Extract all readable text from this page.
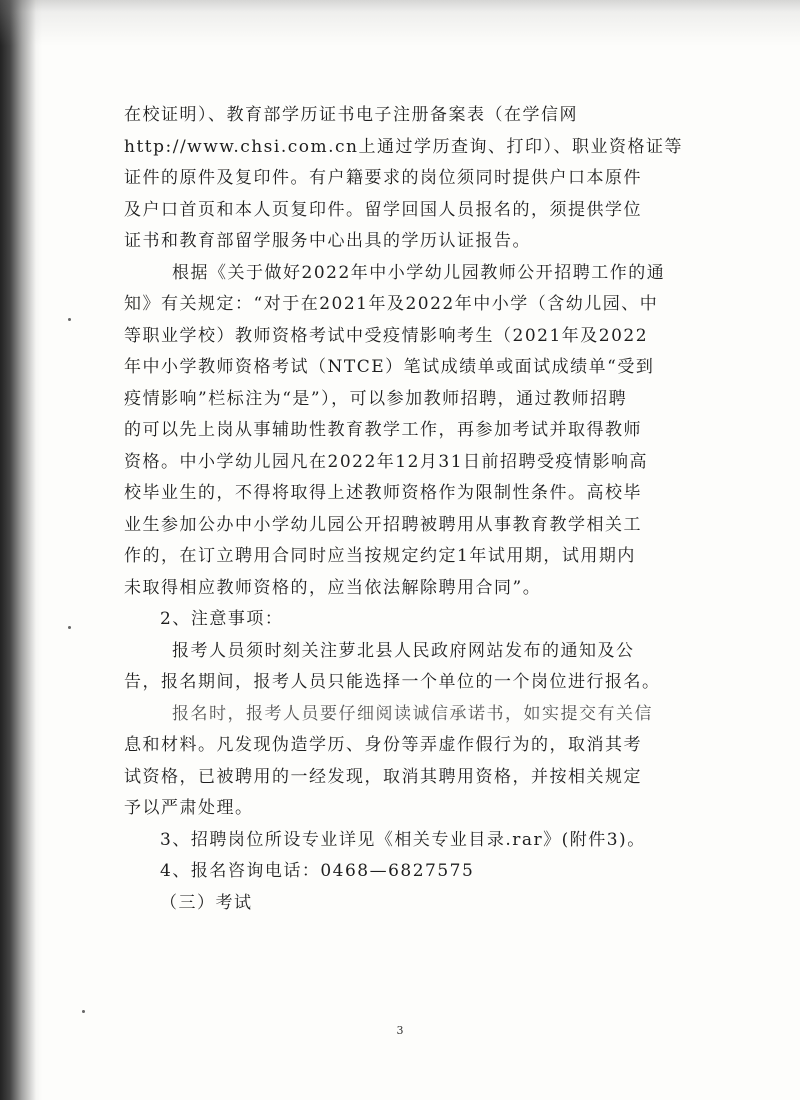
在校证明）、教育部学历证书电子注册备案表（在学信网
http://www.chsi.com.cn上通过学历查询、打印）、职业资格证等
证件的原件及复印件。有户籍要求的岗位须同时提供户口本原件
及户口首页和本人页复印件。留学回国人员报名的，须提供学位
证书和教育部留学服务中心出具的学历认证报告。
根据《关于做好2022年中小学幼儿园教师公开招聘工作的通
知》有关规定：“对于在2021年及2022年中小学（含幼儿园、中
等职业学校）教师资格考试中受疫情影响考生（2021年及2022
年中小学教师资格考试（NTCE）笔试成绩单或面试成绩单“受到
疫情影响”栏标注为“是”），可以参加教师招聘，通过教师招聘
的可以先上岗从事辅助性教育教学工作，再参加考试并取得教师
资格。中小学幼儿园凡在2022年12月31日前招聘受疫情影响高
校毕业生的，不得将取得上述教师资格作为限制性条件。高校毕
业生参加公办中小学幼儿园公开招聘被聘用从事教育教学相关工
作的，在订立聘用合同时应当按规定约定1年试用期，试用期内
未取得相应教师资格的，应当依法解除聘用合同”。
2、注意事项：
报考人员须时刻关注萝北县人民政府网站发布的通知及公
告，报名期间，报考人员只能选择一个单位的一个岗位进行报名。
报名时，报考人员要仔细阅读诚信承诺书，如实提交有关信
息和材料。凡发现伪造学历、身份等弄虚作假行为的，取消其考
试资格，已被聘用的一经发现，取消其聘用资格，并按相关规定
予以严肃处理。
3、招聘岗位所设专业详见《相关专业目录.rar》(附件3)。
4、报名咨询电话：0468—6827575
（三）考试
3
